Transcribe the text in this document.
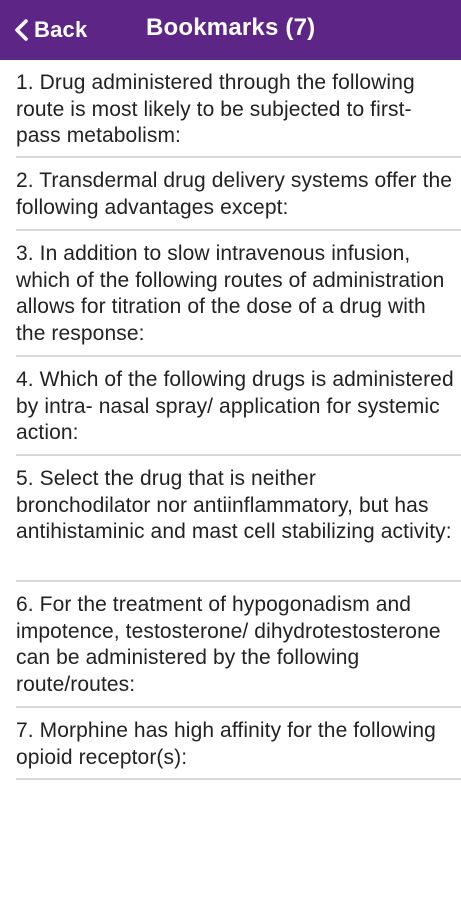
Back Bookmarks (7)
1. Drug administered through the following route is most likely to be subjected to first-pass metabolism:
2. Transdermal drug delivery systems offer the following advantages except:
3. In addition to slow intravenous infusion, which of the following routes of administration allows for titration of the dose of a drug with the response:
4. Which of the following drugs is administered by intra- nasal spray/ application for systemic action:
5. Select the drug that is neither bronchodilator nor antiinflammatory, but has antihistaminic and mast cell stabilizing activity:
6. For the treatment of hypogonadism and impotence, testosterone/ dihydrotestosterone can be administered by the following route/routes:
7. Morphine has high affinity for the following opioid receptor(s):
